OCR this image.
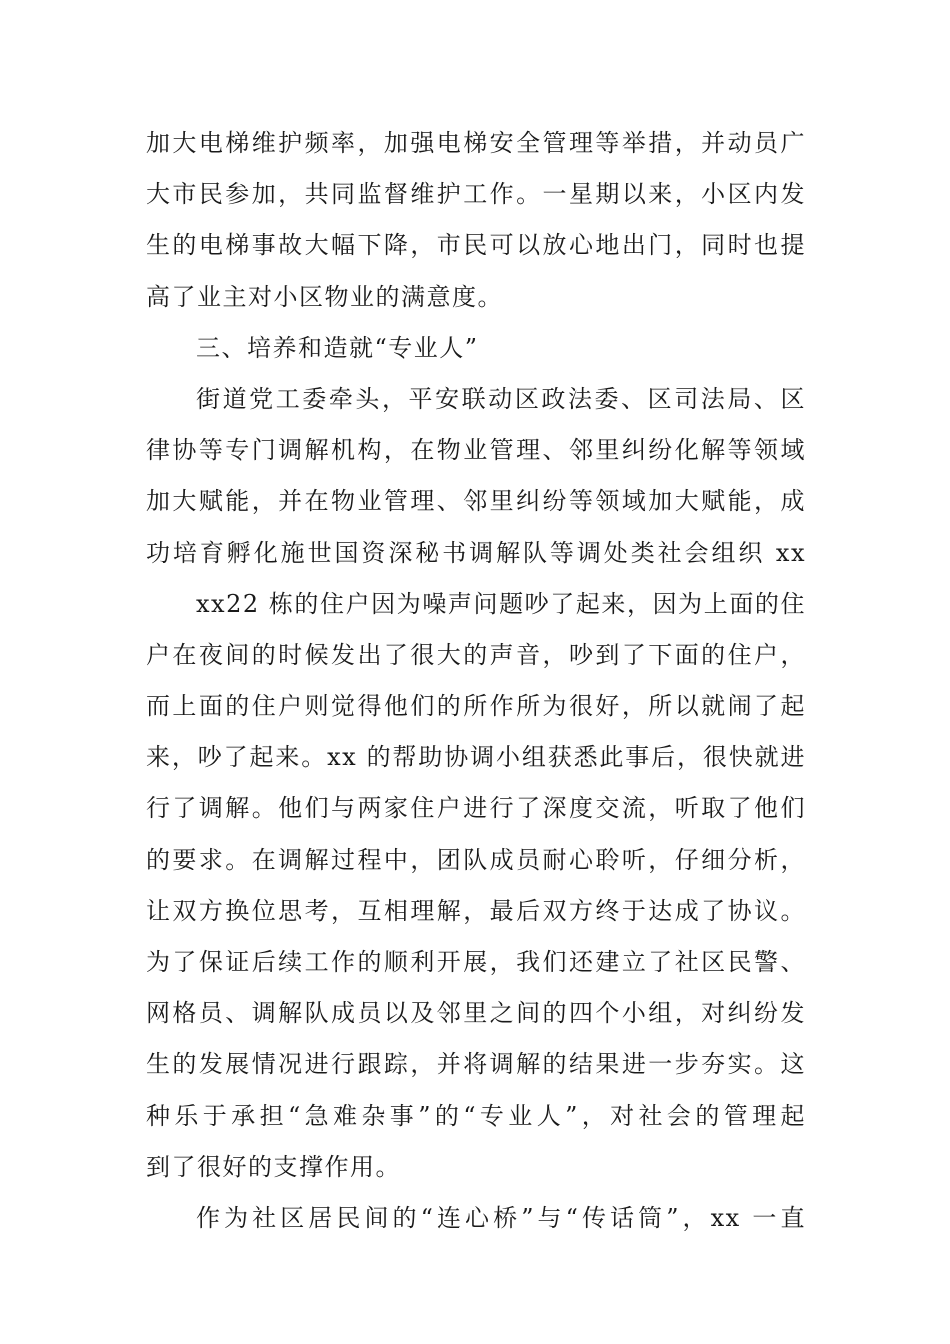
加大电梯维护频率，加强电梯安全管理等举措，并动员广
大市民参加，共同监督维护工作。一星期以来，小区内发
生的电梯事故大幅下降，市民可以放心地出门，同时也提
高了业主对小区物业的满意度。
三、培养和造就“专业人”
街道党工委牵头，平安联动区政法委、区司法局、区
律协等专门调解机构，在物业管理、邻里纠纷化解等领域
加大赋能，并在物业管理、邻里纠纷等领域加大赋能，成
功培育孵化施世国资深秘书调解队等调处类社会组织 xx
xx22 栋的住户因为噪声问题吵了起来，因为上面的住
户在夜间的时候发出了很大的声音，吵到了下面的住户，
而上面的住户则觉得他们的所作所为很好，所以就闹了起
来，吵了起来。xx 的帮助协调小组获悉此事后，很快就进
行了调解。他们与两家住户进行了深度交流，听取了他们
的要求。在调解过程中，团队成员耐心聆听，仔细分析，
让双方换位思考，互相理解，最后双方终于达成了协议。
为了保证后续工作的顺利开展，我们还建立了社区民警、
网格员、调解队成员以及邻里之间的四个小组，对纠纷发
生的发展情况进行跟踪，并将调解的结果进一步夯实。这
种乐于承担“急难杂事”的“专业人”，对社会的管理起
到了很好的支撑作用。
作为社区居民间的“连心桥”与“传话筒”，xx 一直
